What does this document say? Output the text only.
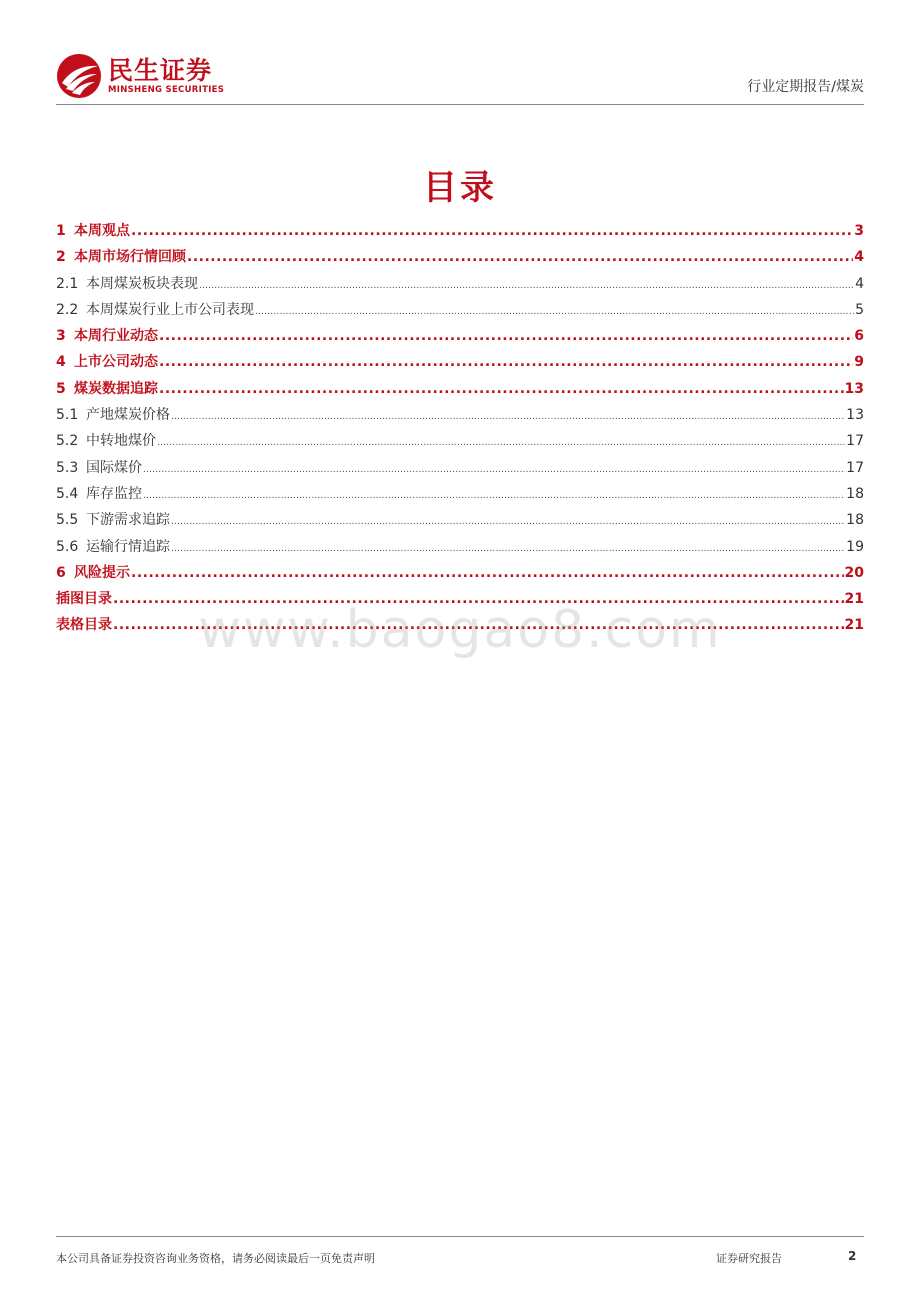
民生证券
MINSHENG SECURITIES	行业定期报告/煤炭
目录
1 本周观点 .....	3
2 本周市场行情回顾 .....	4
2.1 本周煤炭板块表现 .....	4
2.2 本周煤炭行业上市公司表现 .....	5
3 本周行业动态 .....	6
4 上市公司动态 .....	9
5 煤炭数据追踪 .....	13
5.1 产地煤炭价格 .....	13
5.2 中转地煤价 .....	17
5.3 国际煤价 .....	17
5.4 库存监控 .....	18
5.5 下游需求追踪 .....	18
5.6 运输行情追踪 .....	19
6 风险提示 .....	20
插图目录 .....	21
表格目录 .....	21
www.baogao8.com
本公司具备证券投资咨询业务资格，请务必阅读最后一页免责声明	证券研究报告	2
